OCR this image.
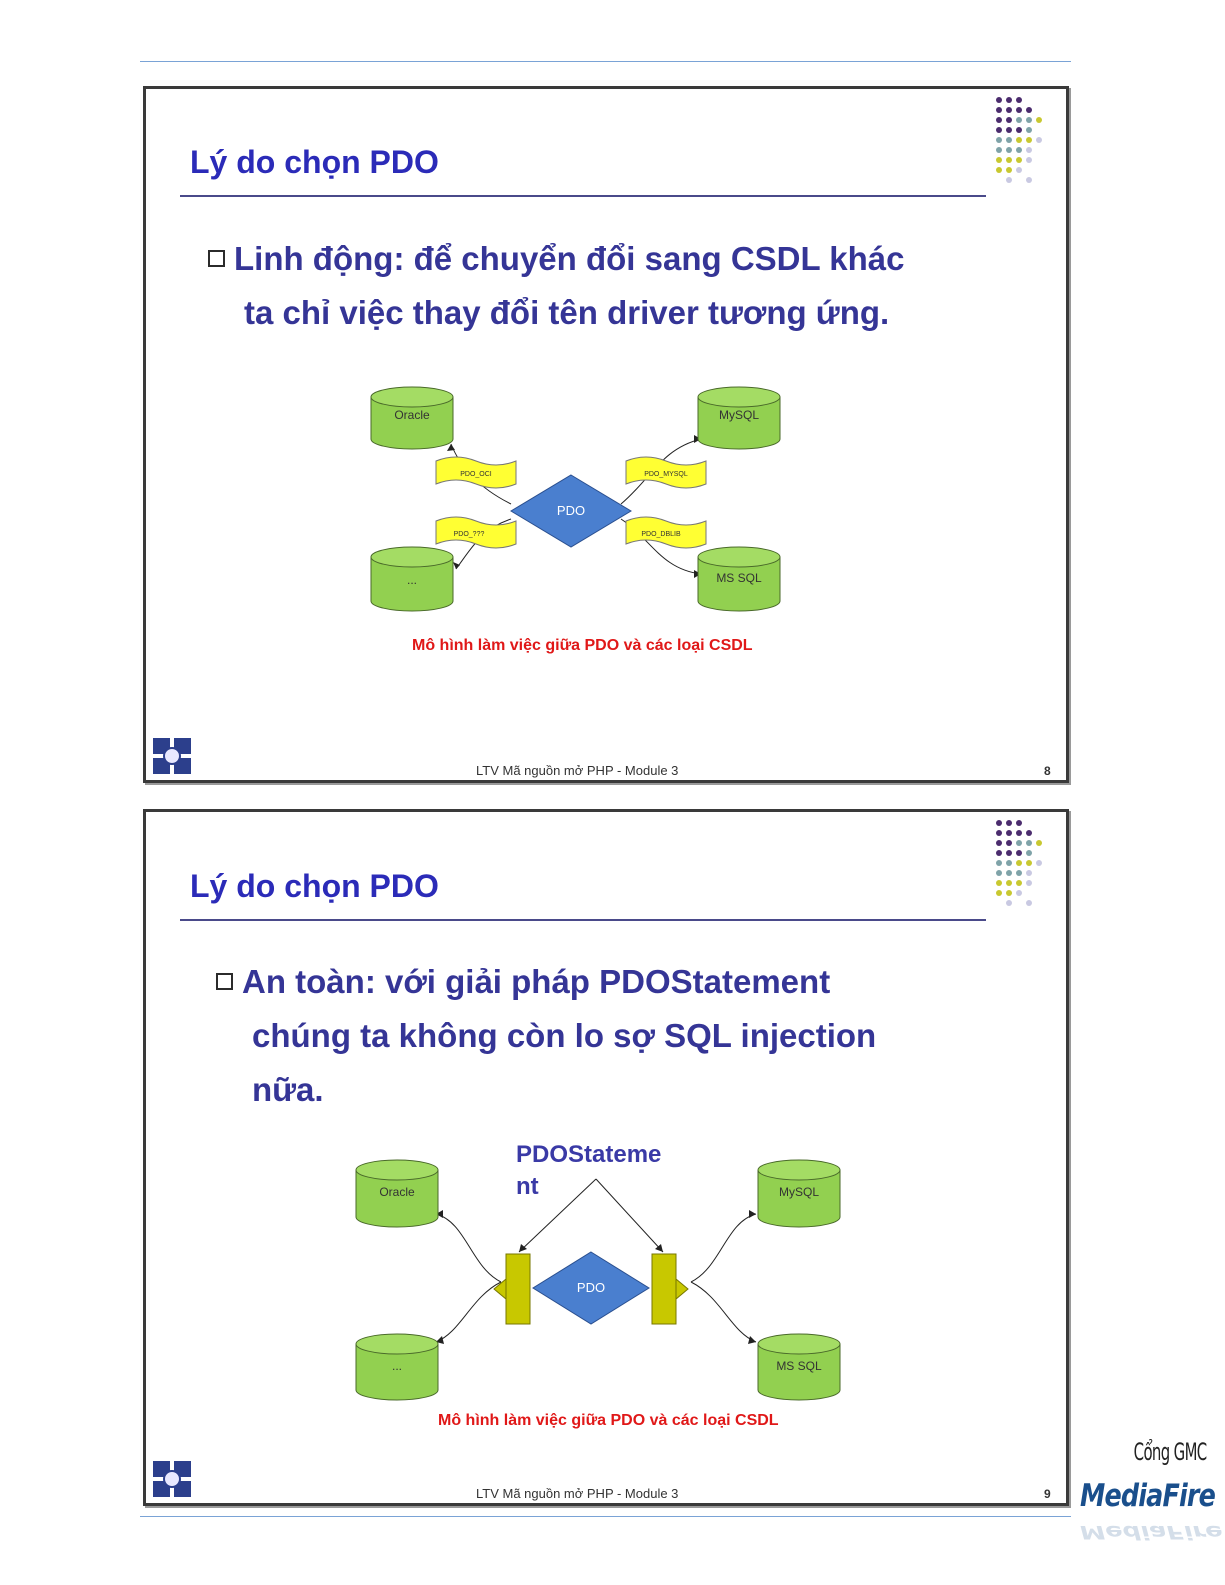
Lý do chọn PDO
Linh động: để chuyển đổi sang CSDL khác
ta chỉ việc thay đổi tên driver tương ứng.
Oracle	MySQL
...	MS SQL
PDO_OCI	PDO_MYSQL
PDO_???	PDO_DBLIB
PDO
Mô hình làm việc giữa PDO và các loại CSDL
LTV Mã nguồn mở PHP - Module 3	8
Lý do chọn PDO
An toàn: với giải pháp PDOStatement
chúng ta không còn lo sợ SQL injection
nữa.
PDOStateme
nt
Oracle	MySQL
...	MS SQL
PDO
Mô hình làm việc giữa PDO và các loại CSDL
LTV Mã nguồn mở PHP - Module 3	9
Cổng GMC
MediaFire
MediaFire
